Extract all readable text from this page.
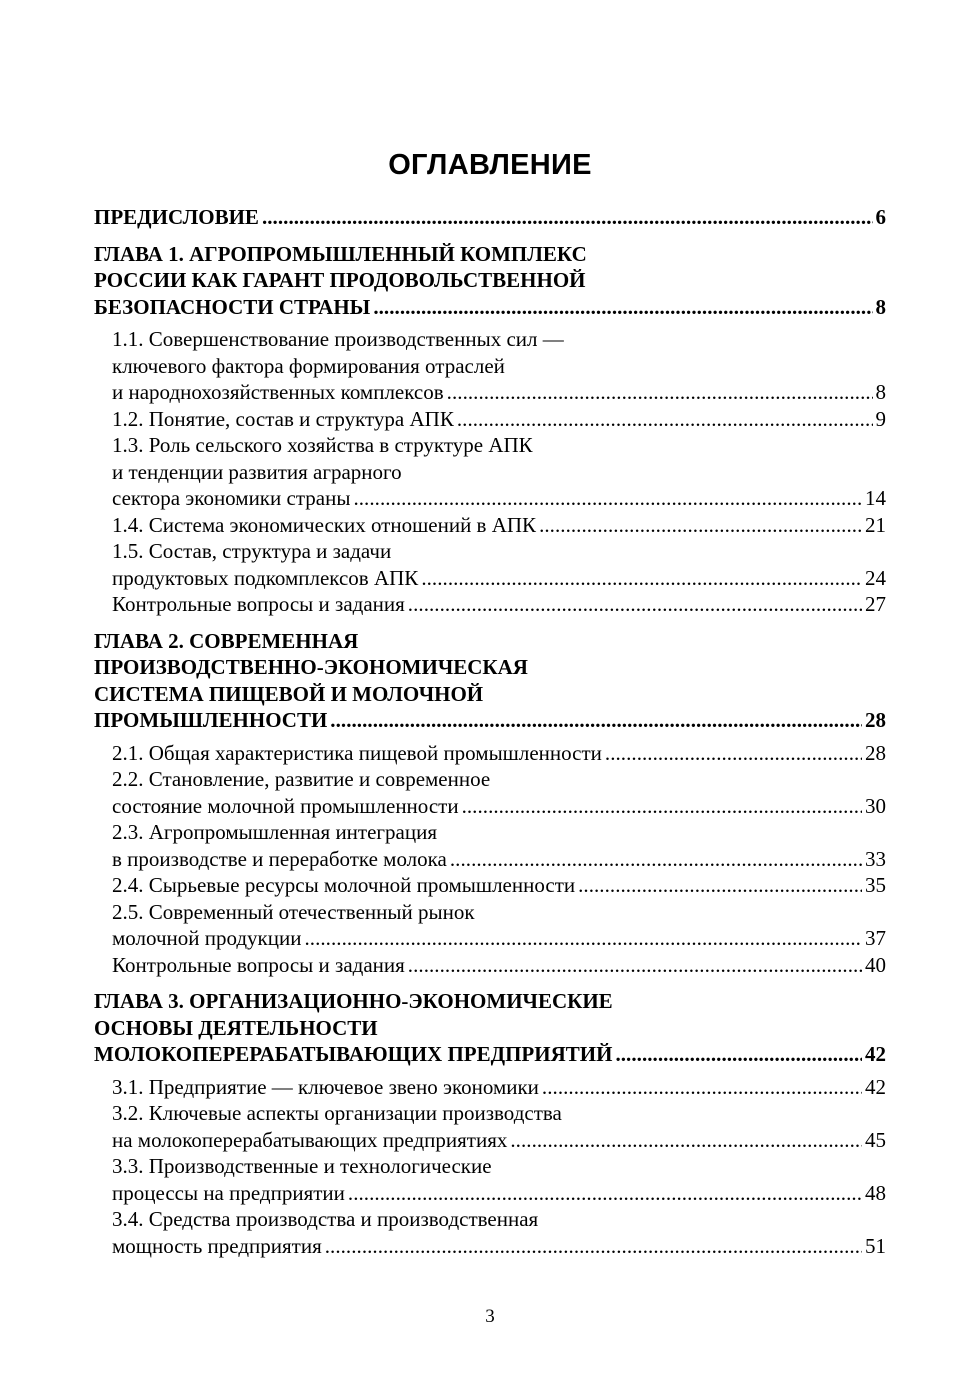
ОГЛАВЛЕНИЕ
ПРЕДИСЛОВИЕ . . .	6
ГЛАВА 1. АГРОПРОМЫШЛЕННЫЙ КОМПЛЕКС
РОССИИ КАК ГАРАНТ ПРОДОВОЛЬСТВЕННОЙ
БЕЗОПАСНОСТИ СТРАНЫ . . .	8
1.1. Совершенствование производственных сил —
ключевого фактора формирования отраслей
и народнохозяйственных комплексов . . .	8
1.2. Понятие, состав и структура АПК . . .	9
1.3. Роль сельского хозяйства в структуре АПК
и тенденции развития аграрного
сектора экономики страны . . .	14
1.4. Система экономических отношений в АПК . . .	21
1.5. Состав, структура и задачи
продуктовых подкомплексов АПК . . .	24
Контрольные вопросы и задания . . .	27
ГЛАВА 2. СОВРЕМЕННАЯ
ПРОИЗВОДСТВЕННО-ЭКОНОМИЧЕСКАЯ
СИСТЕМА ПИЩЕВОЙ И МОЛОЧНОЙ
ПРОМЫШЛЕННОСТИ . . .	28
2.1. Общая характеристика пищевой промышленности . . .	28
2.2. Становление, развитие и современное
состояние молочной промышленности . . .	30
2.3. Агропромышленная интеграция
в производстве и переработке молока . . .	33
2.4. Сырьевые ресурсы молочной промышленности . . .	35
2.5. Современный отечественный рынок
молочной продукции . . .	37
Контрольные вопросы и задания . . .	40
ГЛАВА 3. ОРГАНИЗАЦИОННО-ЭКОНОМИЧЕСКИЕ
ОСНОВЫ ДЕЯТЕЛЬНОСТИ
МОЛОКОПЕРЕРАБАТЫВАЮЩИХ ПРЕДПРИЯТИЙ . . .	42
3.1. Предприятие — ключевое звено экономики . . .	42
3.2. Ключевые аспекты организации производства
на молокоперерабатывающих предприятиях . . .	45
3.3. Производственные и технологические
процессы на предприятии . . .	48
3.4. Средства производства и производственная
мощность предприятия . . .	51
3
